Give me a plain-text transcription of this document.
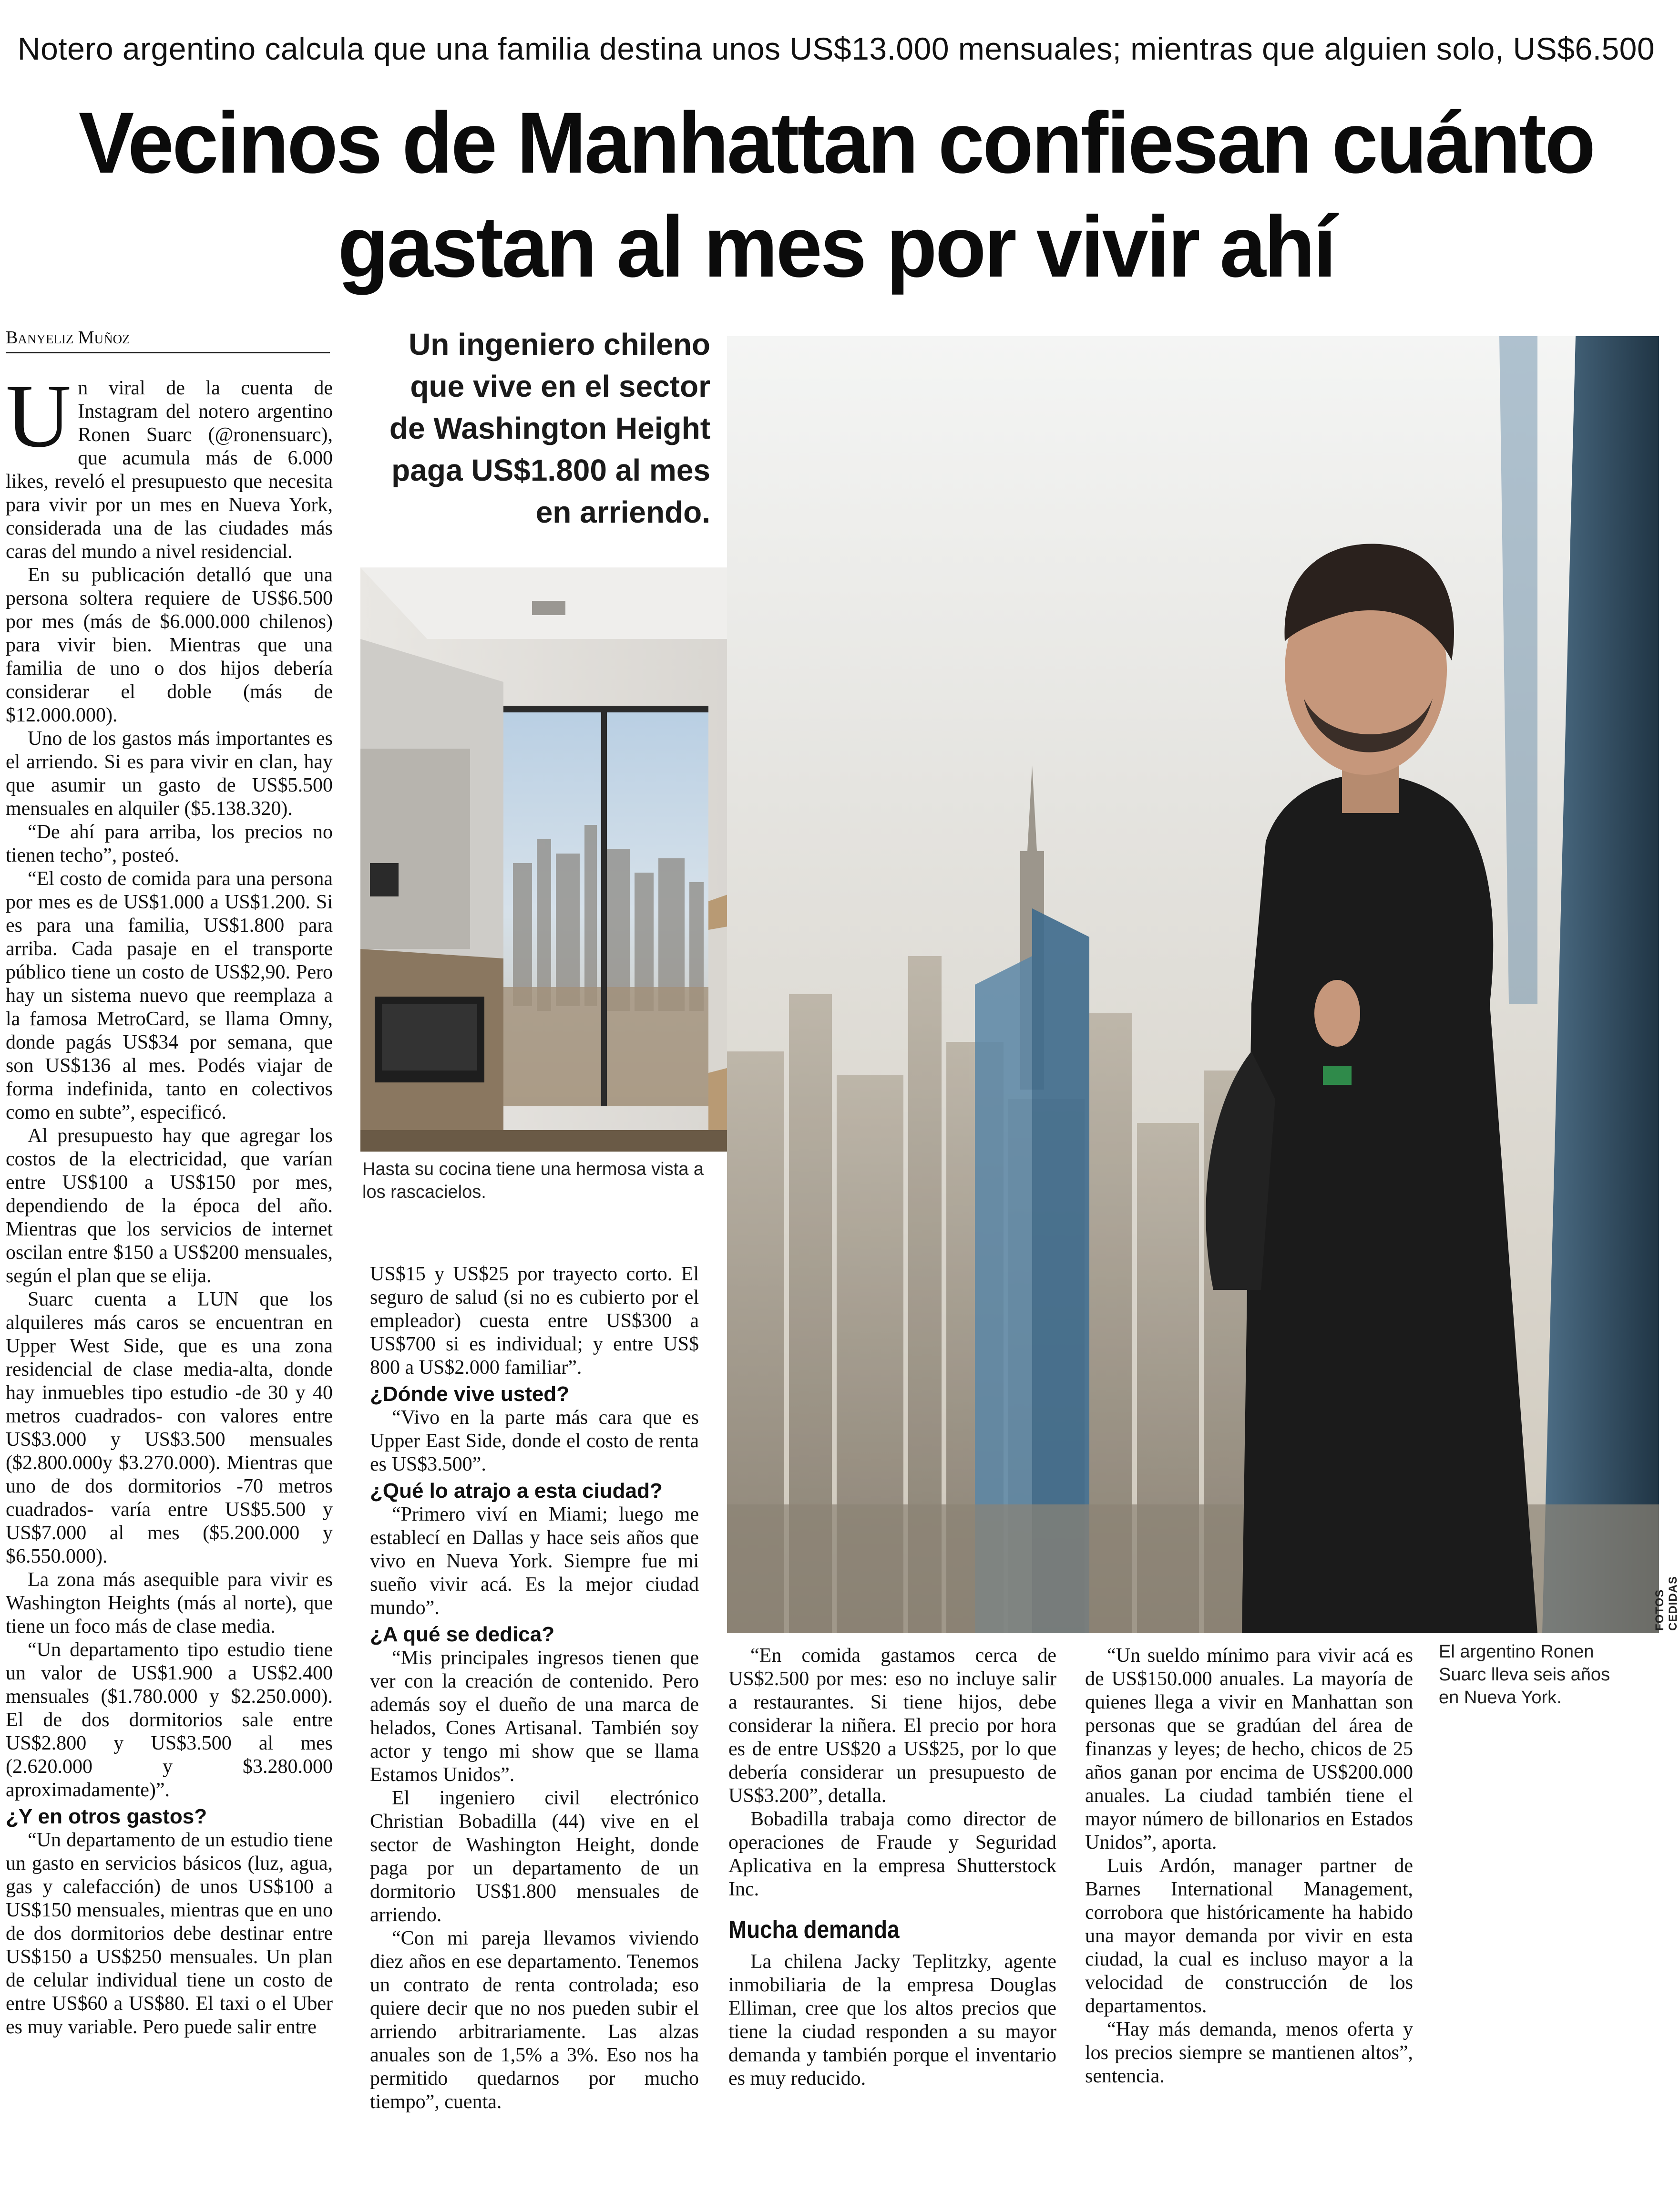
Notero argentino calcula que una familia destina unos US$13.000 mensuales; mientras que alguien solo, US$6.500
Vecinos de Manhattan confiesan cuánto
gastan al mes por vivir ahí
Banyeliz Muñoz
U n viral de la cuenta de Instagram del notero argentino Ronen Suarc (@ronensuarc), que acumula más de 6.000 likes, reveló el presupuesto que necesita para vivir por un mes en Nueva York, considerada una de las ciudades más caras del mundo a nivel residencial.

En su publicación detalló que una persona soltera requiere de US$6.500 por mes (más de $6.000.000 chilenos) para vivir bien. Mientras que una familia de uno o dos hijos debería considerar el doble (más de $12.000.000).

Uno de los gastos más importantes es el arriendo. Si es para vivir en clan, hay que asumir un gasto de US$5.500 mensuales en alquiler ($5.138.320).

“De ahí para arriba, los precios no tienen techo”, posteó.

“El costo de comida para una persona por mes es de US$1.000 a US$1.200. Si es para una familia, US$1.800 para arriba. Cada pasaje en el transporte público tiene un costo de US$2,90. Pero hay un sistema nuevo que reemplaza a la famosa MetroCard, se llama Omny, donde pagás US$34 por semana, que son US$136 al mes. Podés viajar de forma indefinida, tanto en colectivos como en subte”, especificó.

Al presupuesto hay que agregar los costos de la electricidad, que varían entre US$100 a US$150 por mes, dependiendo de la época del año. Mientras que los servicios de internet oscilan entre $150 a US$200 mensuales, según el plan que se elija.

Suarc cuenta a LUN que los alquileres más caros se encuentran en Upper West Side, que es una zona residencial de clase media-alta, donde hay inmuebles tipo estudio -de 30 y 40 metros cuadrados- con valores entre US$3.000 y US$3.500 mensuales ($2.800.000y $3.270.000). Mientras que uno de dos dormitorios -70 metros cuadrados- varía entre US$5.500 y US$7.000 al mes ($5.200.000 y $6.550.000).

La zona más asequible para vivir es Washington Heights (más al norte), que tiene un foco más de clase media.

“Un departamento tipo estudio tiene un valor de US$1.900 a US$2.400 mensuales ($1.780.000 y $2.250.000). El de dos dormitorios sale entre US$2.800 y US$3.500 al mes (2.620.000 y $3.280.000 aproximadamente)”.

¿Y en otros gastos?

“Un departamento de un estudio tiene un gasto en servicios básicos (luz, agua, gas y calefacción) de unos US$100 a US$150 mensuales, mientras que en uno de dos dormitorios debe destinar entre US$150 a US$250 mensuales. Un plan de celular individual tiene un costo de entre US$60 a US$80. El taxi o el Uber es muy variable. Pero puede salir entre

Un ingeniero chileno
que vive en el sector
de Washington Height
paga US$1.800 al mes
en arriendo.
Hasta su cocina tiene una hermosa vista a los rascacielos.

US$15 y US$25 por trayecto corto. El seguro de salud (si no es cubierto por el empleador) cuesta entre US$300 a US$700 si es individual; y entre US$ 800 a US$2.000 familiar”.

¿Dónde vive usted?

“Vivo en la parte más cara que es Upper East Side, donde el costo de renta es US$3.500”.

¿Qué lo atrajo a esta ciudad?

“Primero viví en Miami; luego me establecí en Dallas y hace seis años que vivo en Nueva York. Siempre fue mi sueño vivir acá. Es la mejor ciudad mundo”.

¿A qué se dedica?

“Mis principales ingresos tienen que ver con la creación de contenido. Pero además soy el dueño de una marca de helados, Cones Artisanal. También soy actor y tengo mi show que se llama Estamos Unidos”.

El ingeniero civil electrónico Christian Bobadilla (44) vive en el sector de Washington Height, donde paga por un departamento de un dormitorio US$1.800 mensuales de arriendo.

“Con mi pareja llevamos viviendo diez años en ese departamento. Tenemos un contrato de renta controlada; eso quiere decir que no nos pueden subir el arriendo arbitrariamente. Las alzas anuales son de 1,5% a 3%. Eso nos ha permitido quedarnos por mucho tiempo”, cuenta.

FOTOS CEDIDAS
El argentino Ronen Suarc lleva seis años en Nueva York.

“En comida gastamos cerca de US$2.500 por mes: eso no incluye salir a restaurantes. Si tiene hijos, debe considerar la niñera. El precio por hora es de entre US$20 a US$25, por lo que debería considerar un presupuesto de US$3.200”, detalla.

Bobadilla trabaja como director de operaciones de Fraude y Seguridad Aplicativa en la empresa Shutterstock Inc.

Mucha demanda

La chilena Jacky Teplitzky, agente inmobiliaria de la empresa Douglas Elliman, cree que los altos precios que tiene la ciudad responden a su mayor demanda y también porque el inventario es muy reducido.

“Un sueldo mínimo para vivir acá es de US$150.000 anuales. La mayoría de quienes llega a vivir en Manhattan son personas que se gradúan del área de finanzas y leyes; de hecho, chicos de 25 años ganan por encima de US$200.000 anuales. La ciudad también tiene el mayor número de billonarios en Estados Unidos”, aporta.

Luis Ardón, manager partner de Barnes International Management, corrobora que históricamente ha habido una mayor demanda por vivir en esta ciudad, la cual es incluso mayor a la velocidad de construcción de los departamentos.

“Hay más demanda, menos oferta y los precios siempre se mantienen altos”, sentencia.
